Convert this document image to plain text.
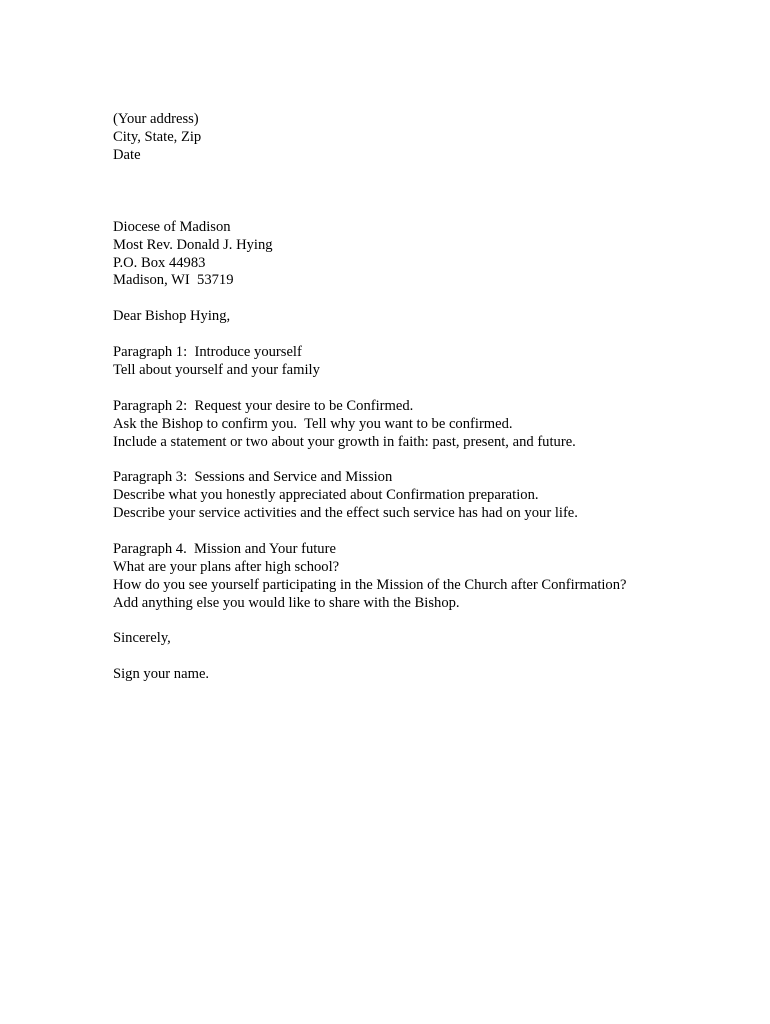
(Your address)
City, State, Zip
Date
Diocese of Madison
Most Rev. Donald J. Hying
P.O. Box 44983
Madison, WI  53719
Dear Bishop Hying,
Paragraph 1:  Introduce yourself
Tell about yourself and your family
Paragraph 2:  Request your desire to be Confirmed.
Ask the Bishop to confirm you.  Tell why you want to be confirmed.
Include a statement or two about your growth in faith: past, present, and future.
Paragraph 3:  Sessions and Service and Mission
Describe what you honestly appreciated about Confirmation preparation.
Describe your service activities and the effect such service has had on your life.
Paragraph 4.  Mission and Your future
What are your plans after high school?
How do you see yourself participating in the Mission of the Church after Confirmation?
Add anything else you would like to share with the Bishop.
Sincerely,
Sign your name.
